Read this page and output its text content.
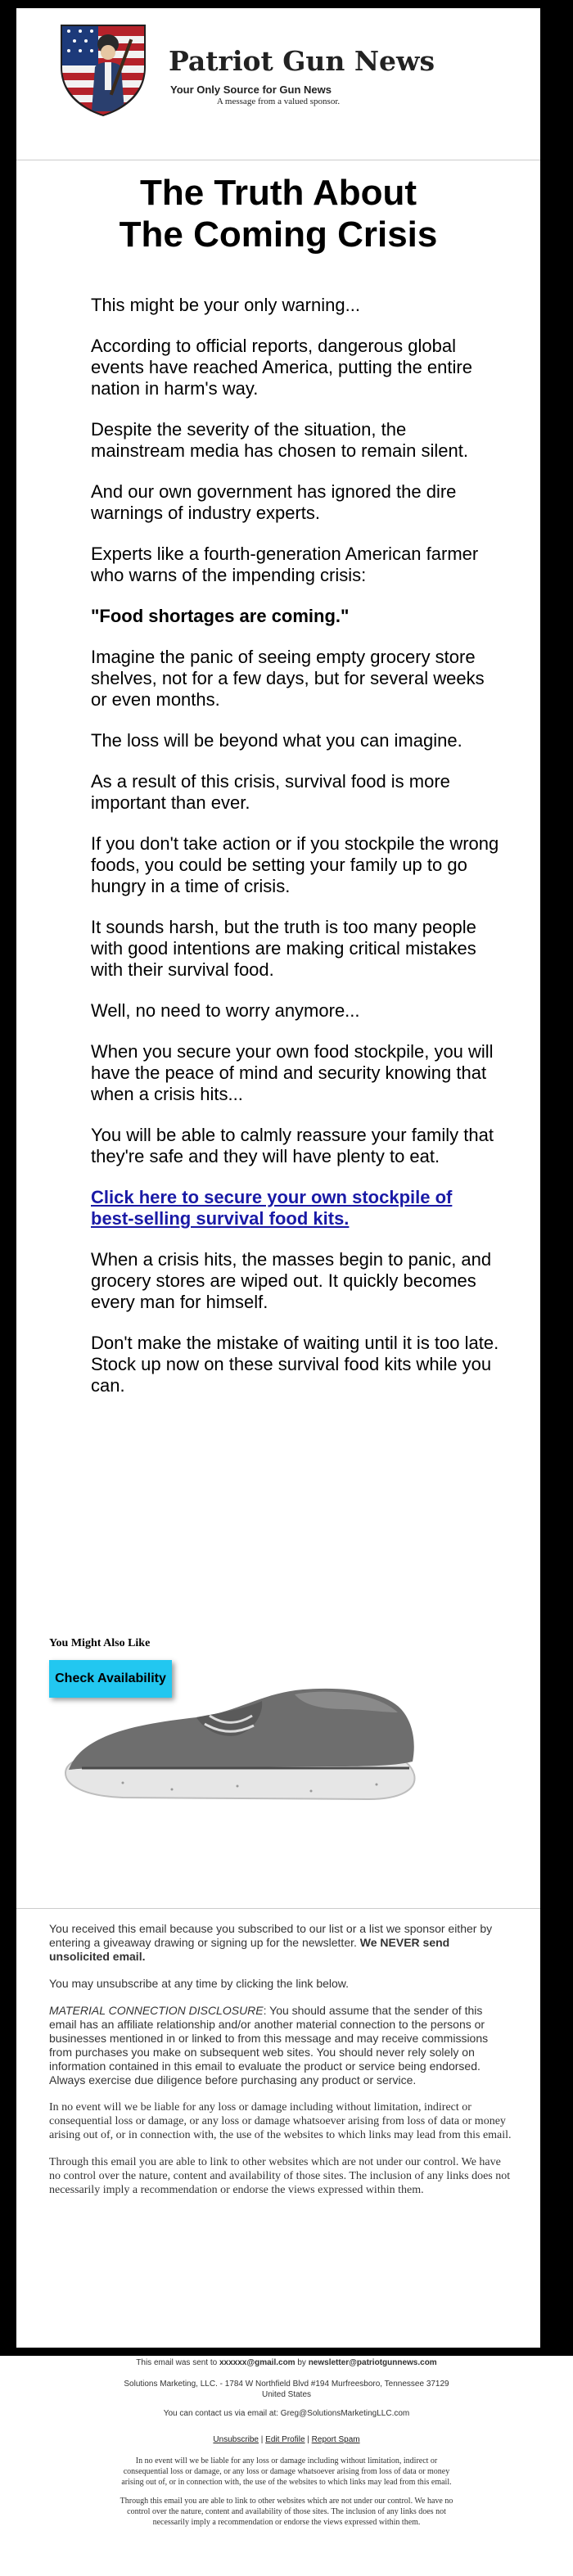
Patriot Gun News
Your Only Source for Gun News
A message from a valued sponsor.
The Truth About
The Coming Crisis

This might be your only warning...

According to official reports, dangerous global events have reached America, putting the entire nation in harm's way.

Despite the severity of the situation, the mainstream media has chosen to remain silent.

And our own government has ignored the dire warnings of industry experts.

Experts like a fourth-generation American farmer who warns of the impending crisis:

"Food shortages are coming."

Imagine the panic of seeing empty grocery store shelves, not for a few days, but for several weeks or even months.

The loss will be beyond what you can imagine.

As a result of this crisis, survival food is more important than ever.

If you don't take action or if you stockpile the wrong foods, you could be setting your family up to go hungry in a time of crisis.

It sounds harsh, but the truth is too many people with good intentions are making critical mistakes with their survival food.

Well, no need to worry anymore...

When you secure your own food stockpile, you will have the peace of mind and security knowing that when a crisis hits...

You will be able to calmly reassure your family that they're safe and they will have plenty to eat.

Click here to secure your own stockpile of best-selling survival food kits.

When a crisis hits, the masses begin to panic, and grocery stores are wiped out. It quickly becomes every man for himself.

Don't make the mistake of waiting until it is too late. Stock up now on these survival food kits while you can.

You Might Also Like
Check Availability

You received this email because you subscribed to our list or a list we sponsor either by entering a giveaway drawing or signing up for the newsletter. We NEVER send unsolicited email.

You may unsubscribe at any time by clicking the link below.

MATERIAL CONNECTION DISCLOSURE: You should assume that the sender of this email has an affiliate relationship and/or another material connection to the persons or businesses mentioned in or linked to from this message and may receive commissions from purchases you make on subsequent web sites. You should never rely solely on information contained in this email to evaluate the product or service being endorsed. Always exercise due diligence before purchasing any product or service.

In no event will we be liable for any loss or damage including without limitation, indirect or consequential loss or damage, or any loss or damage whatsoever arising from loss of data or money arising out of, or in connection with, the use of the websites to which links may lead from this email.

Through this email you are able to link to other websites which are not under our control. We have no control over the nature, content and availability of those sites. The inclusion of any links does not necessarily imply a recommendation or endorse the views expressed within them.

This email was sent to xxxxxx@gmail.com by newsletter@patriotgunnews.com

Solutions Marketing, LLC. - 1784 W Northfield Blvd #194 Murfreesboro, Tennessee 37129 United States

You can contact us via email at: Greg@SolutionsMarketingLLC.com

Unsubscribe | Edit Profile | Report Spam

In no event will we be liable for any loss or damage including without limitation, indirect or consequential loss or damage, or any loss or damage whatsoever arising from loss of data or money arising out of, or in connection with, the use of the websites to which links may lead from this email.

Through this email you are able to link to other websites which are not under our control. We have no control over the nature, content and availability of those sites. The inclusion of any links does not necessarily imply a recommendation or endorse the views expressed within them.
